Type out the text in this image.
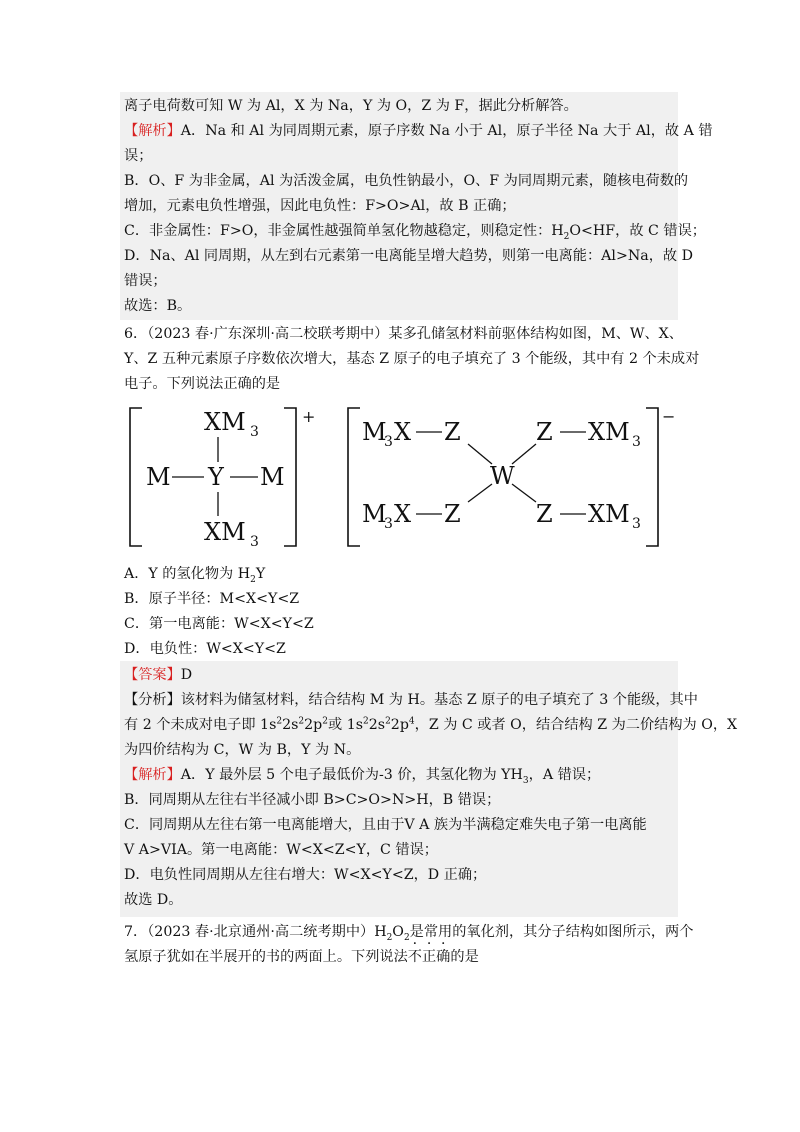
离子电荷数可知 W 为 Al，X 为 Na，Y 为 O，Z 为 F，据此分析解答。
【解析】A．Na 和 Al 为同周期元素，原子序数 Na 小于 Al，原子半径 Na 大于 Al，故 A 错
误；
B．O、F 为非金属，Al 为活泼金属，电负性钠最小，O、F 为同周期元素，随核电荷数的
增加，元素电负性增强，因此电负性：F>O>Al，故 B 正确；
C．非金属性：F>O，非金属性越强简单氢化物越稳定，则稳定性：$H_2O<HF$，故 C 错误；
D．Na、Al 同周期，从左到右元素第一电离能呈增大趋势，则第一电离能：Al>Na，故 D
错误；
故选：B。
6．（2023 春·广东深圳·高二校联考期中）某多孔储氢材料前驱体结构如图，M、W、X、
Y、Z 五种元素原子序数依次增大，基态 Z 原子的电子填充了 3 个能级，其中有 2 个未成对
电子。下列说法正确的是
+
XM 3
M Y M
XM 3
−
M
3 X Z	Z XM 3
W
M
3 X Z	Z XM 3
A．Y 的氢化物为 $H_2Y$
B．原子半径：M<X<Y<Z
C．第一电离能：W<X<Y<Z
D．电负性：W<X<Y<Z
【答案】D
【分析】该材料为储氢材料，结合结构 M 为 H。基态 Z 原子的电子填充了 3 个能级，其中
有 2 个未成对电子即 $1s^22s^22p^2$或 $1s^22s^22p^4$，Z 为 C 或者 O，结合结构 Z 为二价结构为 O，X
为四价结构为 C，W 为 B，Y 为 N。
【解析】A．Y 最外层 5 个电子最低价为-3 价，其氢化物为 $YH_3$，A 错误；
B．同周期从左往右半径减小即 B>C>O>N>H，B 错误；
C．同周期从左往右第一电离能增大，且由于Ⅴ A 族为半满稳定难失电子第一电离能
Ⅴ A>VIA。第一电离能：W<X<Z<Y，C 错误；
D．电负性同周期从左往右增大：W<X<Y<Z，D 正确；
故选 D。
7．（2023 春·北京通州·高二统考期中）$H_2O_2$是常用的氧化剂，其分子结构如图所示，两个
氢原子犹如在半展开的书的两面上。下列说法不正确的是
